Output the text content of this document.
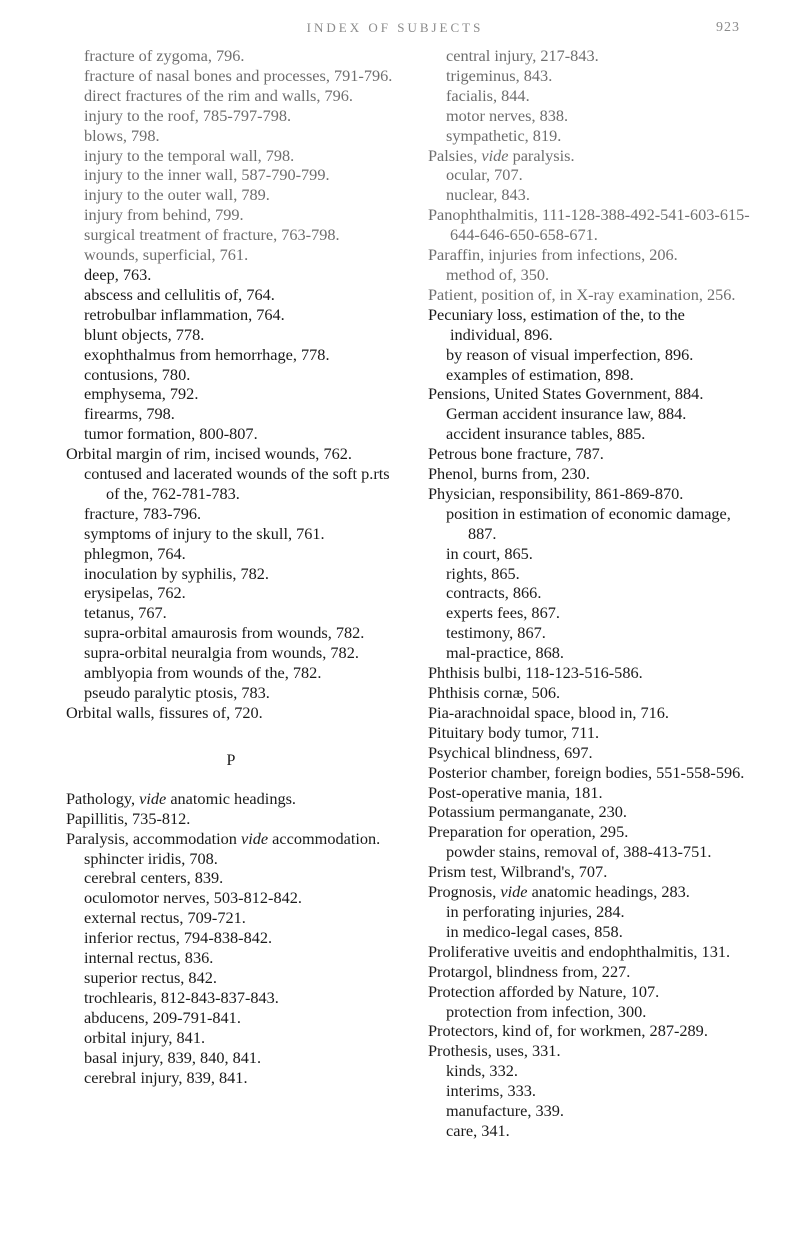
INDEX OF SUBJECTS	923
fracture of zygoma, 796.
fracture of nasal bones and processes, 791-796.
direct fractures of the rim and walls, 796.
injury to the roof, 785-797-798.
blows, 798.
injury to the temporal wall, 798.
injury to the inner wall, 587-790-799.
injury to the outer wall, 789.
injury from behind, 799.
surgical treatment of fracture, 763-798.
wounds, superficial, 761.
deep, 763.
abscess and cellulitis of, 764.
retrobulbar inflammation, 764.
blunt objects, 778.
exophthalmus from hemorrhage, 778.
contusions, 780.
emphysema, 792.
firearms, 798.
tumor formation, 800-807.
Orbital margin of rim, incised wounds, 762.
contused and lacerated wounds of the soft p.rts of the, 762-781-783.
fracture, 783-796.
symptoms of injury to the skull, 761.
phlegmon, 764.
inoculation by syphilis, 782.
erysipelas, 762.
tetanus, 767.
supra-orbital amaurosis from wounds, 782.
supra-orbital neuralgia from wounds, 782.
amblyopia from wounds of the, 782.
pseudo paralytic ptosis, 783.
Orbital walls, fissures of, 720.
P
Pathology, vide anatomic headings.
Papillitis, 735-812.
Paralysis, accommodation vide accommodation.
sphincter iridis, 708.
cerebral centers, 839.
oculomotor nerves, 503-812-842.
external rectus, 709-721.
inferior rectus, 794-838-842.
internal rectus, 836.
superior rectus, 842.
trochlearis, 812-843-837-843.
abducens, 209-791-841.
orbital injury, 841.
basal injury, 839, 840, 841.
cerebral injury, 839, 841.
central injury, 217-843.
trigeminus, 843.
facialis, 844.
motor nerves, 838.
sympathetic, 819.
Palsies, vide paralysis.
ocular, 707.
nuclear, 843.
Panophthalmitis, 111-128-388-492-541-603-615-644-646-650-658-671.
Paraffin, injuries from infections, 206.
method of, 350.
Patient, position of, in X-ray examination, 256.
Pecuniary loss, estimation of the, to the individual, 896.
by reason of visual imperfection, 896.
examples of estimation, 898.
Pensions, United States Government, 884.
German accident insurance law, 884.
accident insurance tables, 885.
Petrous bone fracture, 787.
Phenol, burns from, 230.
Physician, responsibility, 861-869-870.
position in estimation of economic damage, 887.
in court, 865.
rights, 865.
contracts, 866.
experts fees, 867.
testimony, 867.
mal-practice, 868.
Phthisis bulbi, 118-123-516-586.
Phthisis cornæ, 506.
Pia-arachnoidal space, blood in, 716.
Pituitary body tumor, 711.
Psychical blindness, 697.
Posterior chamber, foreign bodies, 551-558-596.
Post-operative mania, 181.
Potassium permanganate, 230.
Preparation for operation, 295.
powder stains, removal of, 388-413-751.
Prism test, Wilbrand's, 707.
Prognosis, vide anatomic headings, 283.
in perforating injuries, 284.
in medico-legal cases, 858.
Proliferative uveitis and endophthalmitis, 131.
Protargol, blindness from, 227.
Protection afforded by Nature, 107.
protection from infection, 300.
Protectors, kind of, for workmen, 287-289.
Prothesis, uses, 331.
kinds, 332.
interims, 333.
manufacture, 339.
care, 341.
